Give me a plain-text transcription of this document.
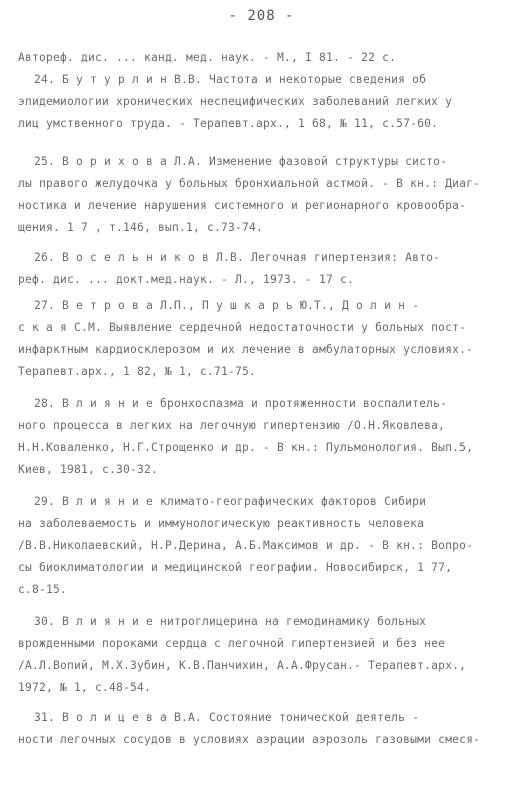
- 208 -
Автореф. дис. ... канд. мед. наук. - М., I 81. - 22 с.
24. Б у т у р л и н В.В. Частота и некоторые сведения об
эпидемиологии хронических неспецифических заболеваний легких у
лиц умственного труда. - Терапевт.арх., 1 68, № 11, с.57-60.
25. В о р и х о в а Л.А. Изменение фазовой структуры систо-
лы правого желудочка у больных бронхиальной астмой. - В кн.: Диаг-
ностика и лечение нарушения системного и регионарного кровообра-
щения. 1 7 , т.146, вып.1, с.73-74.
26. В о с е л ь н и к о в Л.В. Легочная гипертензия: Авто-
реф. дис. ... докт.мед.наук. - Л., 1973. - 17 с.
27. В е т р о в а Л.П., П у ш к а р ь Ю.Т., Д о л и н -
с к а я С.М. Выявление сердечной недостаточности у больных пост-
инфарктным кардиосклерозом и их лечение в амбулаторных условиях.-
Терапевт.арх., 1 82, № 1, с.71-75.
28. В л и я н и е бронхоспазма и протяженности воспалитель-
ного процесса в легких на легочную гипертензию /О.Н.Яковлева,
Н.Н.Коваленко, Н.Г.Строщенко и др. - В кн.: Пульмонология. Вып.5,
Киев, 1981, с.30-32.
29. В л и я н и е климато-географических факторов Сибири
на заболеваемость и иммунологическую реактивность человека
/В.В.Николаевский, Н.Р.Дерина, А.Б.Максимов и др. - В кн.: Вопро-
сы биоклиматологии и медицинской географии. Новосибирск, 1 77,
с.8-15.
30. В л и я н и е нитроглицерина на гемодинамику больных
врожденными пороками сердца с легочной гипертензией и без нее
/А.Л.Вопий, М.Х.Зубин, К.В.Панчихин, А.А.Фрусан.- Терапевт.арх.,
1972, № 1, с.48-54.
31. В о л и ц е в а В.А. Состояние тонической деятель -
ности легочных сосудов в условиях аэрации аэрозоль газовыми смеся-
